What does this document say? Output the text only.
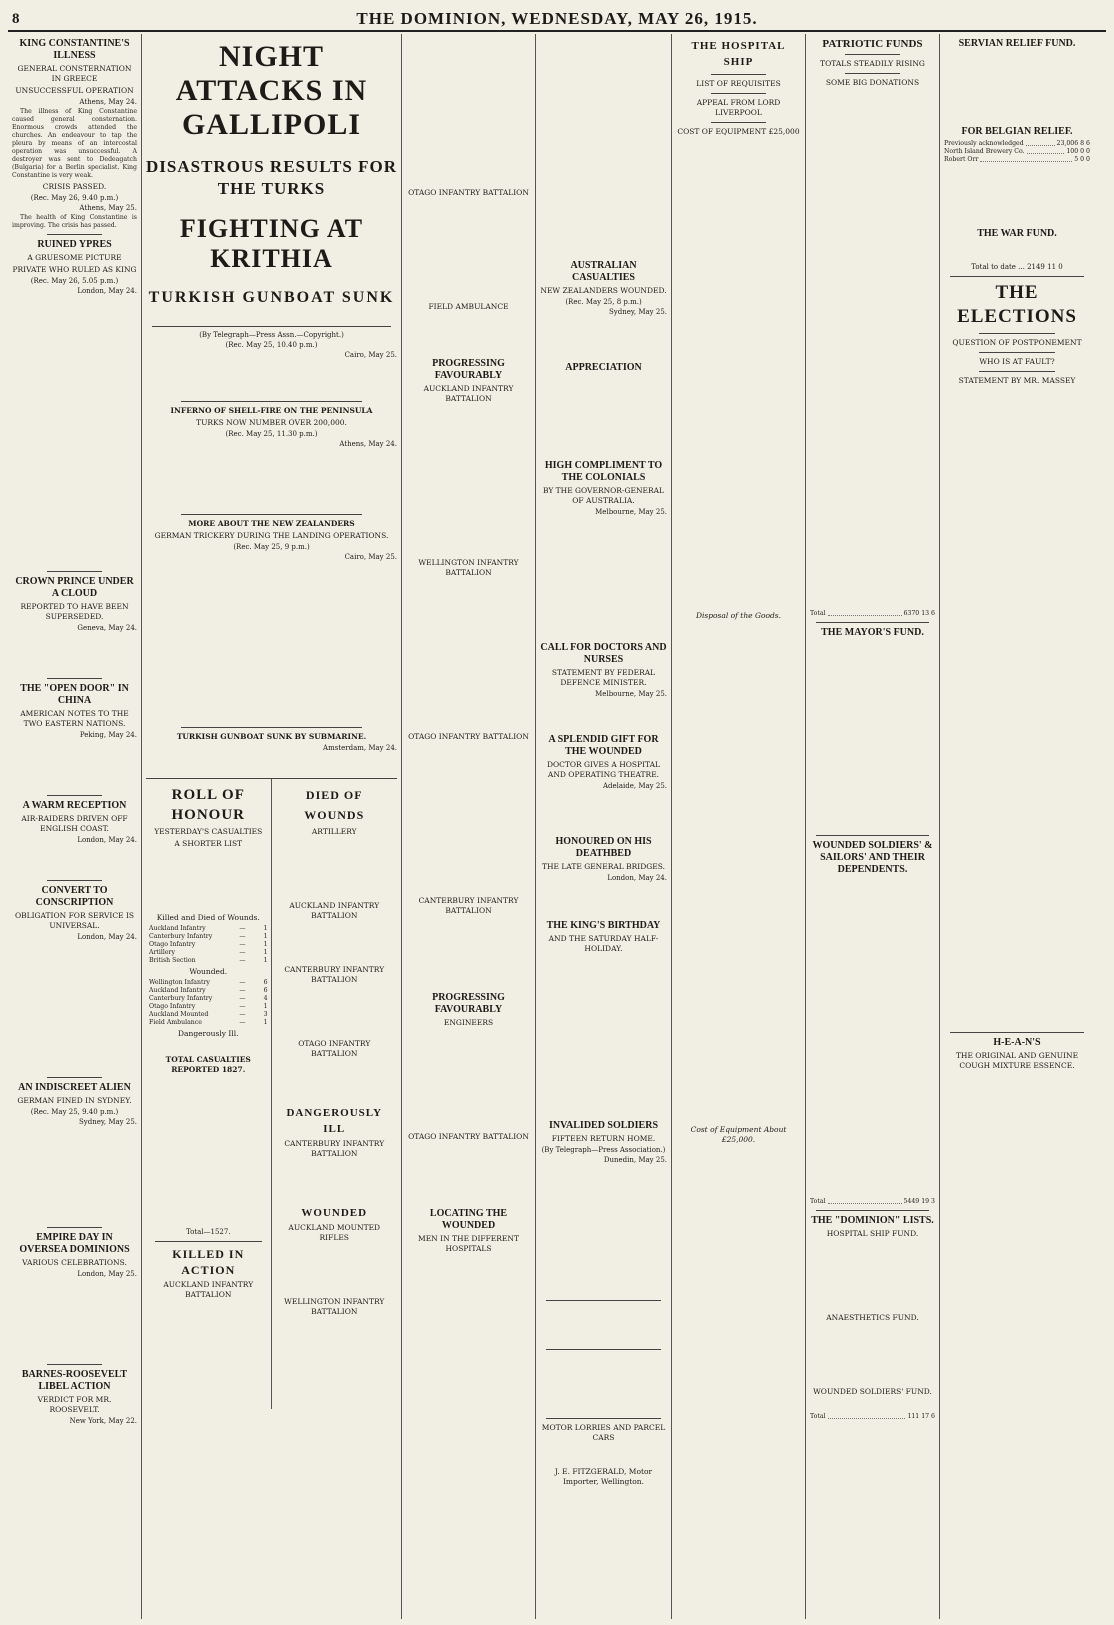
8	THE DOMINION, WEDNESDAY, MAY 26, 1915.
KING CONSTANTINE'S ILLNESS
GENERAL CONSTERNATION IN GREECE
UNSUCCESSFUL OPERATION
Athens, May 24.

The illness of King Constantine caused general consternation. Enormous crowds attended the churches. An endeavour to tap the pleura by means of an intercostal operation was unsuccessful. A destroyer was sent to Dedeagatch (Bulgaria) for a Berlin specialist. King Constantine is very weak.

CRISIS PASSED.
(Rec. May 26, 9.40 p.m.)
Athens, May 25.

The health of King Constantine is improving. The crisis has passed.

RUINED YPRES
A GRUESOME PICTURE
PRIVATE WHO RULED AS KING
(Rec. May 26, 5.05 p.m.)
London, May 24.
CROWN PRINCE UNDER A CLOUD
REPORTED TO HAVE BEEN SUPERSEDED.
Geneva, May 24.
THE "OPEN DOOR" IN CHINA
AMERICAN NOTES TO THE TWO EASTERN NATIONS.
Peking, May 24.
A WARM RECEPTION
AIR-RAIDERS DRIVEN OFF ENGLISH COAST.
London, May 24.
CONVERT TO CONSCRIPTION
OBLIGATION FOR SERVICE IS UNIVERSAL.
London, May 24.
AN INDISCREET ALIEN
GERMAN FINED IN SYDNEY.
(Rec. May 25, 9.40 p.m.)
Sydney, May 25.
EMPIRE DAY IN OVERSEA DOMINIONS
VARIOUS CELEBRATIONS.
London, May 25.
BARNES-ROOSEVELT LIBEL ACTION
VERDICT FOR MR. ROOSEVELT.
New York, May 22.
NIGHT ATTACKS IN GALLIPOLI
DISASTROUS RESULTS FOR THE TURKS
FIGHTING AT KRITHIA
TURKISH GUNBOAT SUNK
(By Telegraph—Press Assn.—Copyright.)
(Rec. May 25, 10.40 p.m.)
Cairo, May 25.
INFERNO OF SHELL-FIRE ON THE PENINSULA
TURKS NOW NUMBER OVER 200,000.
(Rec. May 25, 11.30 p.m.)
Athens, May 24.
MORE ABOUT THE NEW ZEALANDERS
GERMAN TRICKERY DURING THE LANDING OPERATIONS.
(Rec. May 25, 9 p.m.)
Cairo, May 25.
TURKISH GUNBOAT SUNK BY SUBMARINE.
Amsterdam, May 24.
ROLL OF HONOUR
YESTERDAY'S CASUALTIES
A SHORTER LIST
Killed and Died of Wounds.
Auckland Infantry	—	1
Canterbury Infantry	—	1
Otago Infantry	—	1
Artillery	—	1
British Section	—	1
Wounded.
Wellington Infantry	—	6
Auckland Infantry	—	6
Canterbury Infantry	—	4
Otago Infantry	—	1
Auckland Mounted	—	3
Field Ambulance	—	1
Dangerously Ill.
TOTAL CASUALTIES REPORTED 1827.
Total—1527.
KILLED IN ACTION
AUCKLAND INFANTRY BATTALION
DIED OF WOUNDS
ARTILLERY
AUCKLAND INFANTRY BATTALION
CANTERBURY INFANTRY BATTALION
OTAGO INFANTRY BATTALION
DANGEROUSLY ILL
CANTERBURY INFANTRY BATTALION
WOUNDED
AUCKLAND MOUNTED RIFLES
WELLINGTON INFANTRY BATTALION
OTAGO INFANTRY BATTALION
FIELD AMBULANCE
PROGRESSING FAVOURABLY
AUCKLAND INFANTRY BATTALION
WELLINGTON INFANTRY BATTALION
OTAGO INFANTRY BATTALION
CANTERBURY INFANTRY BATTALION
PROGRESSING FAVOURABLY
ENGINEERS
OTAGO INFANTRY BATTALION
LOCATING THE WOUNDED
MEN IN THE DIFFERENT HOSPITALS
AUSTRALIAN CASUALTIES
NEW ZEALANDERS WOUNDED.
(Rec. May 25, 8 p.m.)
Sydney, May 25.
APPRECIATION
HIGH COMPLIMENT TO THE COLONIALS
BY THE GOVERNOR-GENERAL OF AUSTRALIA.
Melbourne, May 25.
CALL FOR DOCTORS AND NURSES
STATEMENT BY FEDERAL DEFENCE MINISTER.
Melbourne, May 25.
A SPLENDID GIFT FOR THE WOUNDED
DOCTOR GIVES A HOSPITAL AND OPERATING THEATRE.
Adelaide, May 25.
HONOURED ON HIS DEATHBED
THE LATE GENERAL BRIDGES.
London, May 24.
THE KING'S BIRTHDAY
AND THE SATURDAY HALF-HOLIDAY.
INVALIDED SOLDIERS
FIFTEEN RETURN HOME.
(By Telegraph—Press Association.)
Dunedin, May 25.
MOTOR LORRIES AND PARCEL CARS
J. E. FITZGERALD, Motor Importer, Wellington.
THE HOSPITAL SHIP
LIST OF REQUISITES
APPEAL FROM LORD LIVERPOOL
COST OF EQUIPMENT £25,000
Disposal of the Goods.
Cost of Equipment About £25,000.
PATRIOTIC FUNDS
TOTALS STEADILY RISING
SOME BIG DONATIONS
Total	6370 13 6
THE MAYOR'S FUND.
WOUNDED SOLDIERS' & SAILORS' AND THEIR DEPENDENTS.
Total	5449 19 3
THE "DOMINION" LISTS.
HOSPITAL SHIP FUND.
ANAESTHETICS FUND.
WOUNDED SOLDIERS' FUND.
Total	111 17 6
SERVIAN RELIEF FUND.
FOR BELGIAN RELIEF.
Previously acknowledged	23,006 8 6
North Island Brewery Co.	100 0 0
Robert Orr	5 0 0
THE WAR FUND.
Total to date ... 2149 11 0
THE ELECTIONS
QUESTION OF POSTPONEMENT
WHO IS AT FAULT?
STATEMENT BY MR. MASSEY
H-E-A-N'S
THE ORIGINAL AND GENUINE COUGH MIXTURE ESSENCE.
